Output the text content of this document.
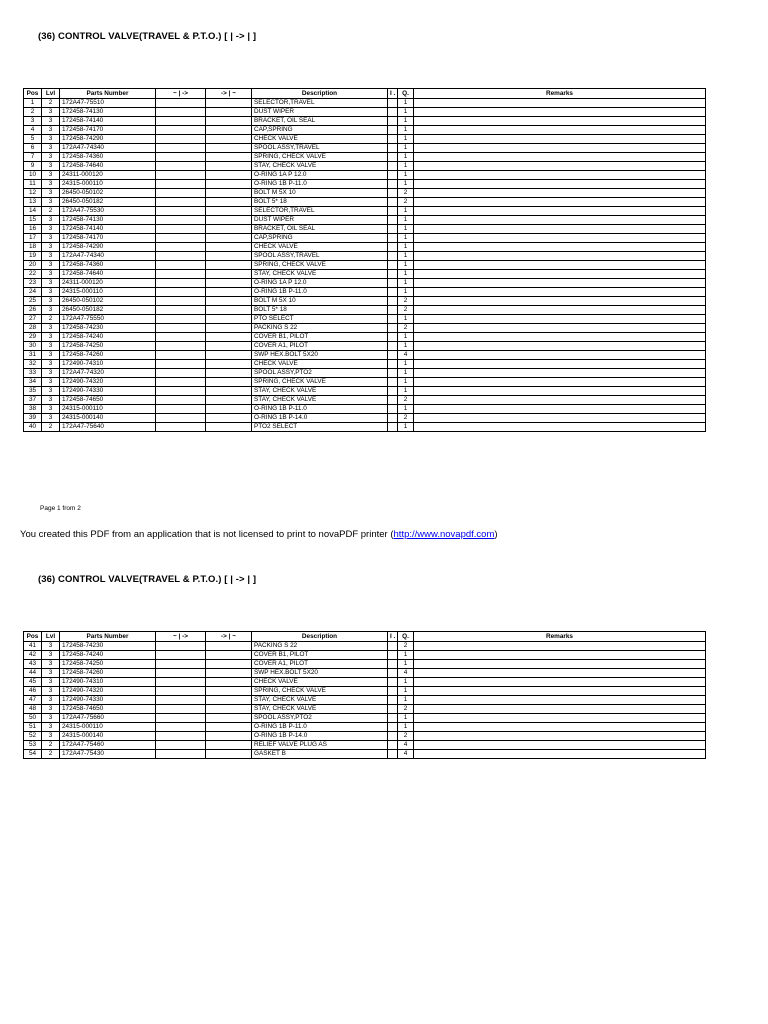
(36) CONTROL VALVE(TRAVEL & P.T.O.) [ | -> | ]
Pos	Lvl	Parts Number	~ | ->	-> | ~	Description	I .	Q.	Remarks
1	2	172A47-75510			SELECTOR,TRAVEL		1	
2	3	172458-74130			DUST WIPER		1	
3	3	172458-74140			BRACKET, OIL SEAL		1	
4	3	172458-74170			CAP,SPRING		1	
5	3	172458-74290			CHECK VALVE		1	
6	3	172A47-74340			SPOOL ASSY,TRAVEL		1	
7	3	172458-74360			SPRING, CHECK VALVE		1	
9	3	172458-74640			STAY, CHECK VALVE		1	
10	3	24311-000120			O-RING 1A P 12.0		1	
11	3	24315-000110			O-RING 1B P-11.0		1	
12	3	26450-050102			BOLT M 5X 10		2	
13	3	26450-050182			BOLT 5* 18		2	
14	2	172A47-75530			SELECTOR,TRAVEL		1	
15	3	172458-74130			DUST WIPER		1	
16	3	172458-74140			BRACKET, OIL SEAL		1	
17	3	172458-74170			CAP,SPRING		1	
18	3	172458-74290			CHECK VALVE		1	
19	3	172A47-74340			SPOOL ASSY,TRAVEL		1	
20	3	172458-74360			SPRING, CHECK VALVE		1	
22	3	172458-74640			STAY, CHECK VALVE		1	
23	3	24311-000120			O-RING 1A P 12.0		1	
24	3	24315-000110			O-RING 1B P-11.0		1	
25	3	26450-050102			BOLT M 5X 10		2	
26	3	26450-050182			BOLT 5* 18		2	
27	2	172A47-75550			PTO SELECT		1	
28	3	172458-74230			PACKING S 22		2	
29	3	172458-74240			COVER B1, PILOT		1	
30	3	172458-74250			COVER A1, PILOT		1	
31	3	172458-74260			SWP HEX.BOLT 5X20		4	
32	3	172490-74310			CHECK VALVE		1	
33	3	172A47-74320			SPOOL ASSY,PTO2		1	
34	3	172490-74320			SPRING, CHECK VALVE		1	
35	3	172490-74330			STAY, CHECK VALVE		1	
37	3	172458-74650			STAY, CHECK VALVE		2	
38	3	24315-000110			O-RING 1B P-11.0		1	
39	3	24315-000140			O-RING 1B P-14.0		2	
40	2	172A47-75640			PTO2 SELECT		1	
Page 1 from 2
You created this PDF from an application that is not licensed to print to novaPDF printer (http://www.novapdf.com)
(36) CONTROL VALVE(TRAVEL & P.T.O.) [ | -> | ]
Pos	Lvl	Parts Number	~ | ->	-> | ~	Description	I .	Q.	Remarks
41	3	172458-74230			PACKING S 22		2	
42	3	172458-74240			COVER B1, PILOT		1	
43	3	172458-74250			COVER A1, PILOT		1	
44	3	172458-74260			SWP HEX.BOLT 5X20		4	
45	3	172490-74310			CHECK VALVE		1	
46	3	172490-74320			SPRING, CHECK VALVE		1	
47	3	172490-74330			STAY, CHECK VALVE		1	
48	3	172458-74650			STAY, CHECK VALVE		2	
50	3	172A47-75660			SPOOL ASSY,PTO2		1	
51	3	24315-000110			O-RING 1B P-11.0		1	
52	3	24315-000140			O-RING 1B P-14.0		2	
53	2	172A47-75460			RELIEF VALVE PLUG AS		4	
54	2	172A47-75430			GASKET B		4	
